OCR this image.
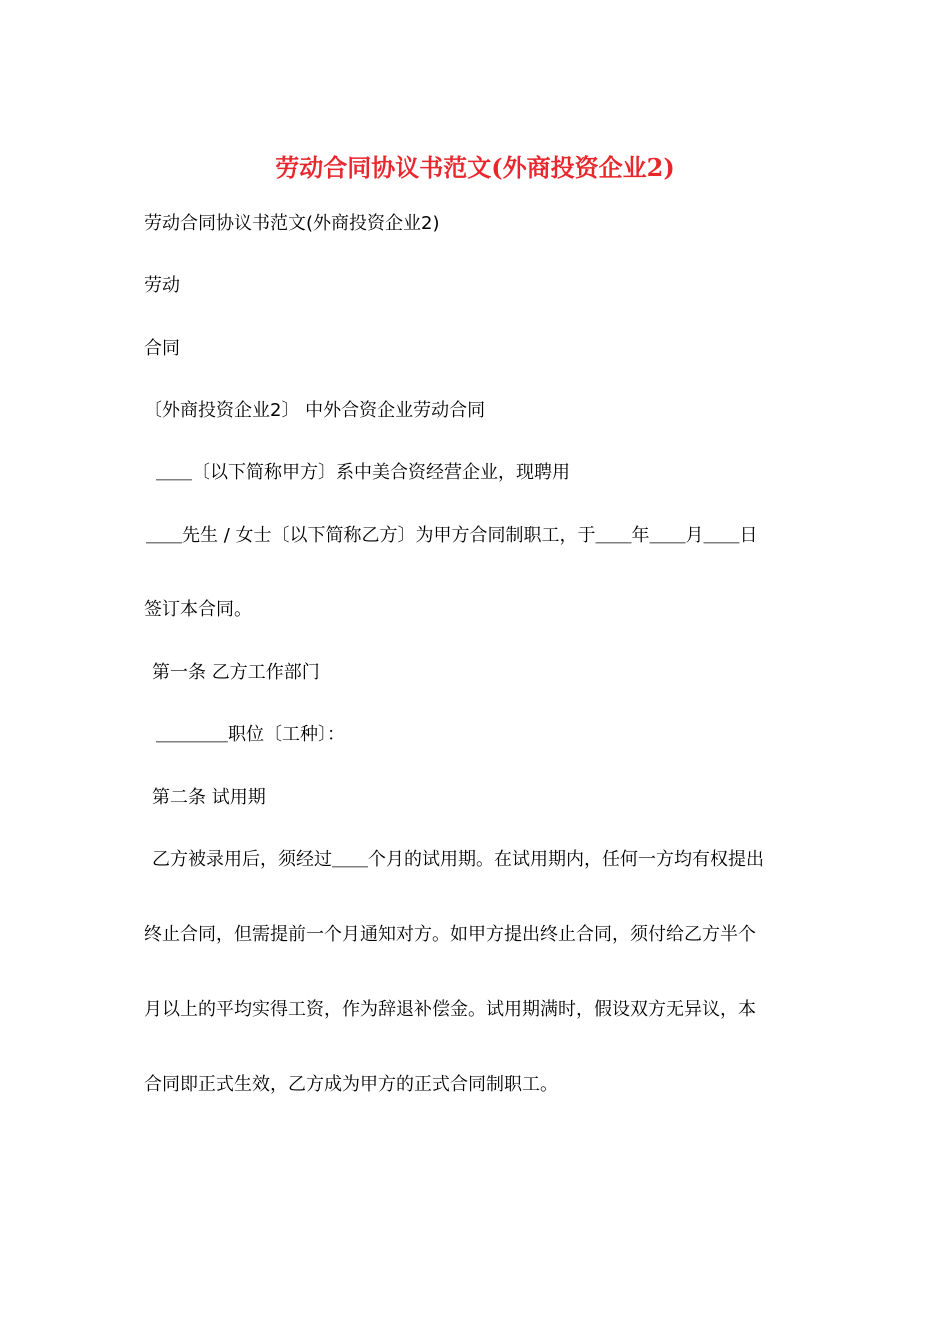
劳动合同协议书范文(外商投资企业2)
劳动合同协议书范文(外商投资企业2)
劳动
合同
〔外商投资企业2〕 中外合资企业劳动合同
＿＿〔以下简称甲方〕系中美合资经营企业，现聘用
＿＿先生 / 女士〔以下简称乙方〕为甲方合同制职工，于＿＿年＿＿月＿＿日
签订本合同。
第一条 乙方工作部门
＿＿＿＿职位〔工种〕：
第二条 试用期
乙方被录用后，须经过＿＿个月的试用期。在试用期内，任何一方均有权提出
终止合同，但需提前一个月通知对方。如甲方提出终止合同，须付给乙方半个
月以上的平均实得工资，作为辞退补偿金。试用期满时，假设双方无异议，本
合同即正式生效，乙方成为甲方的正式合同制职工。
